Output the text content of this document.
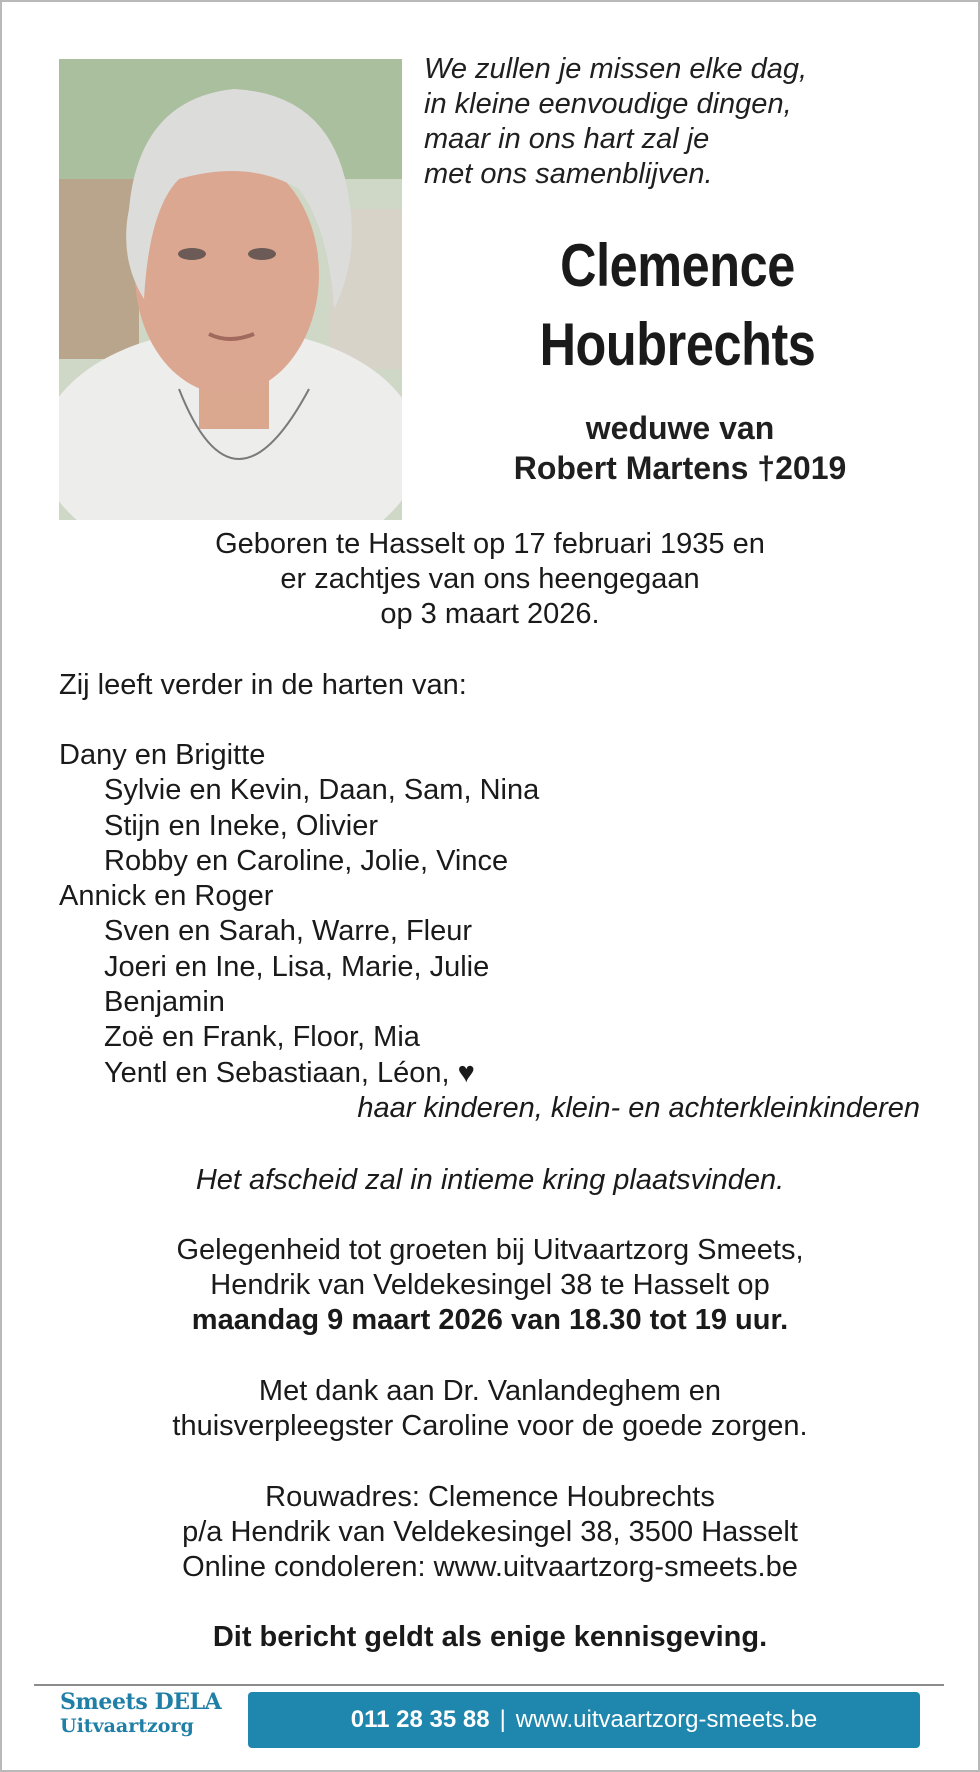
We zullen je missen elke dag,
in kleine eenvoudige dingen,
maar in ons hart zal je
met ons samenblijven.
Clemence
Houbrechts
weduwe van
Robert Martens †2019
Geboren te Hasselt op 17 februari 1935 en
er zachtjes van ons heengegaan
op 3 maart 2026.
Zij leeft verder in de harten van:
Dany en Brigitte
Sylvie en Kevin, Daan, Sam, Nina
Stijn en Ineke, Olivier
Robby en Caroline, Jolie, Vince
Annick en Roger
Sven en Sarah, Warre, Fleur
Joeri en Ine, Lisa, Marie, Julie
Benjamin
Zoë en Frank, Floor, Mia
Yentl en Sebastiaan, Léon, ♥
haar kinderen, klein- en achterkleinkinderen
Het afscheid zal in intieme kring plaatsvinden.
Gelegenheid tot groeten bij Uitvaartzorg Smeets,
Hendrik van Veldekesingel 38 te Hasselt op
maandag 9 maart 2026 van 18.30 tot 19 uur.
Met dank aan Dr. Vanlandeghem en
thuisverpleegster Caroline voor de goede zorgen.
Rouwadres: Clemence Houbrechts
p/a Hendrik van Veldekesingel 38, 3500 Hasselt
Online condoleren: www.uitvaartzorg-smeets.be
Dit bericht geldt als enige kennisgeving.
Smeets DELA
Uitvaartzorg	011 28 35 88 | www.uitvaartzorg-smeets.be
